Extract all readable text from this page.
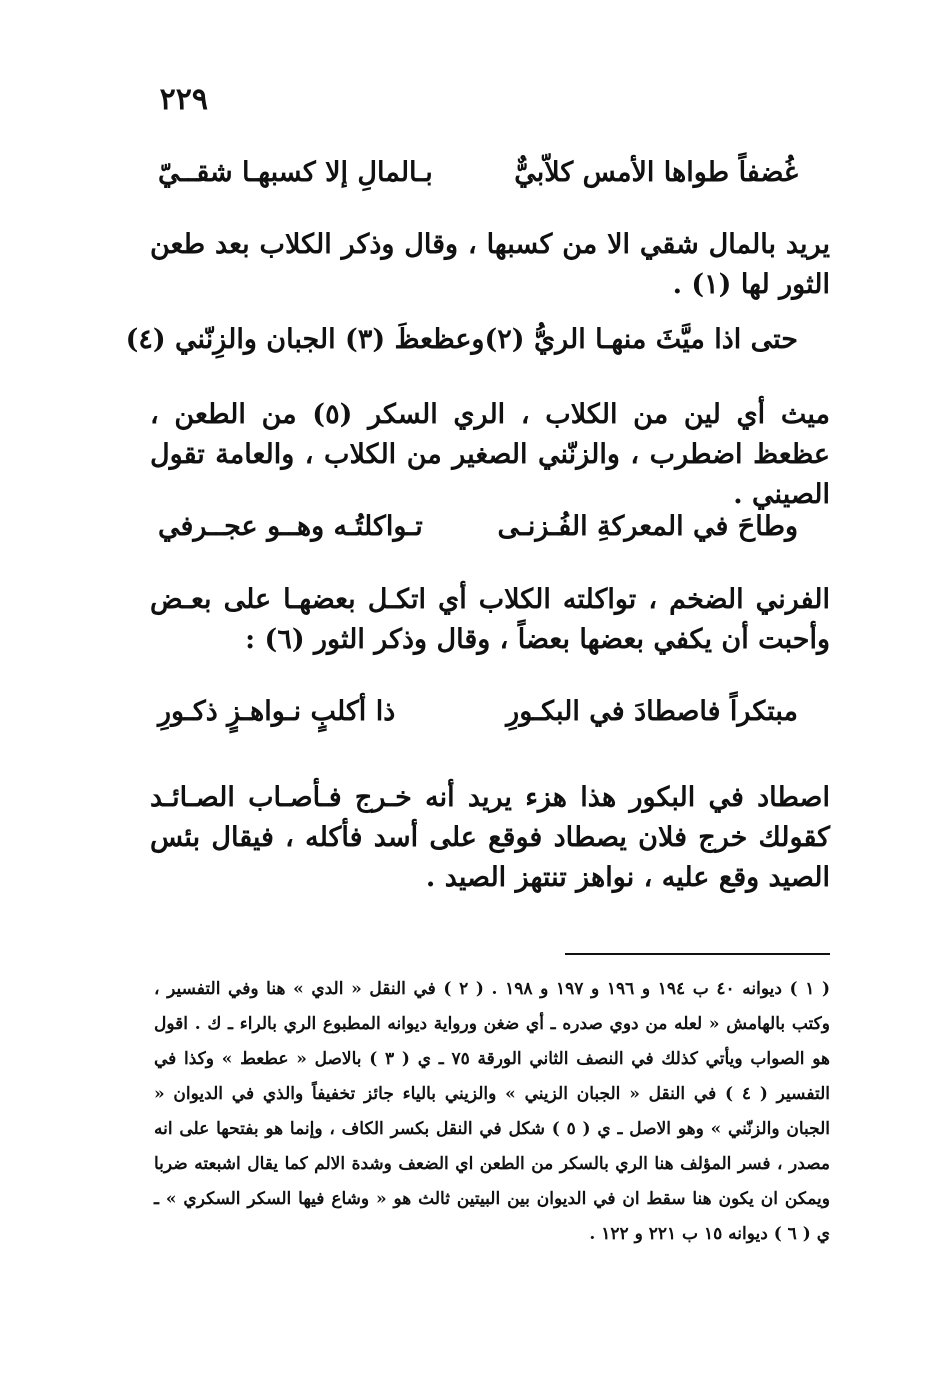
٢٢٩
غُضفاً طواها الأمس كلاّبيٌّ
بـالمالِ إلا كسبهـا شقــيّ
يريد بالمال شقي الا من كسبها ، وقال وذكر الكلاب بعد طعن الثور لها (١) .
حتى اذا ميَّثَ منهـا الريُّ (٢)
وعظعظَ (٣) الجبان والزِنّني (٤)
ميث أي لين من الكلاب ، الري السكر (٥) من الطعن ، عظعظ اضطرب ، والزنّني الصغير من الكلاب ، والعامة تقول الصيني .
وطاحَ في المعركةِ الفُـزنـى
تـواكلتُـه وهــو عجــرفي
الفرني الضخم ، تواكلته الكلاب أي اتكـل بعضهـا على بعـض وأحبت أن يكفي بعضها بعضاً ، وقال وذكر الثور (٦) :
مبتكراً فاصطادَ في البكـورِ
ذا أكلبٍ نـواهـزٍ ذكـورِ
اصطاد في البكور هذا هزء يريد أنه خـرج فـأصـاب الصـائـد كقولك خرج فلان يصطاد فوقع على أسد فأكله ، فيقال بئس الصيد وقع عليه ، نواهز تنتهز الصيد .
( ١ ) ديوانه ٤٠ ب ١٩٤ و ١٩٦ و ١٩٧ و ١٩٨ . ( ٢ ) في النقل « الدي » هنا وفي التفسير ، وكتب بالهامش « لعله من دوي صدره ـ أي ضغن ورواية ديوانه المطبوع الري بالراء ـ ك . اقول هو الصواب ويأتي كذلك في النصف الثاني الورقة ٧٥ ـ ي ( ٣ ) بالاصل « عطعط » وكذا في التفسير ( ٤ ) في النقل « الجبان الزيني » والزيني بالياء جائز تخفيفاً والذي في الديوان « الجبان والزنّني » وهو الاصل ـ ي ( ٥ ) شكل في النقل بكسر الكاف ، وإنما هو بفتحها على انه مصدر ، فسر المؤلف هنا الري بالسكر من الطعن اي الضعف وشدة الالم كما يقال اشبعته ضربا ويمكن ان يكون هنا سقط ان في الديوان بين البيتين ثالث هو « وشاع فيها السكر السكري » ـ ي ( ٦ ) ديوانه ١٥ ب ٢٢١ و ١٢٢ .
